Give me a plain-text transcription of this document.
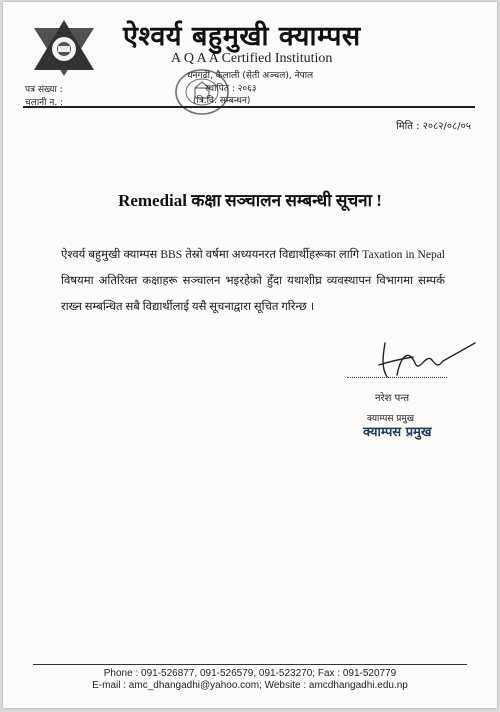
ऐश्वर्य बहुमुखी क्याम्पस
A Q A A Certified Institution
धनगढी, कैलाली (सेती अञ्चल), नेपाल
स्थापित : २०६३
(त्रि.वि. सम्बन्धन)
पत्र संख्या :
चलानी न. :
मिति : २०८२/०८/०५
Remedial कक्षा सञ्चालन सम्बन्धी सूचना !
ऐश्वर्य बहुमुखी क्याम्पस BBS तेस्रो वर्षमा अध्ययनरत विद्यार्थीहरूका लागि Taxation in Nepal विषयमा अतिरिक्त कक्षाहरू सञ्चालन भइरहेको हुँदा यथाशीघ्र व्यवस्थापन विभागमा सम्पर्क राख्न सम्बन्धित सबै विद्यार्थीलाई यसै सूचनाद्वारा सूचित गरिन्छ ।
नरेश पन्त
क्याम्पस प्रमुख
क्याम्पस प्रमुख
Phone : 091-526877, 091-526579, 091-523270; Fax : 091-520779
E-mail : amc_dhangadhi@yahoo.com; Website : amcdhangadhi.edu.np
